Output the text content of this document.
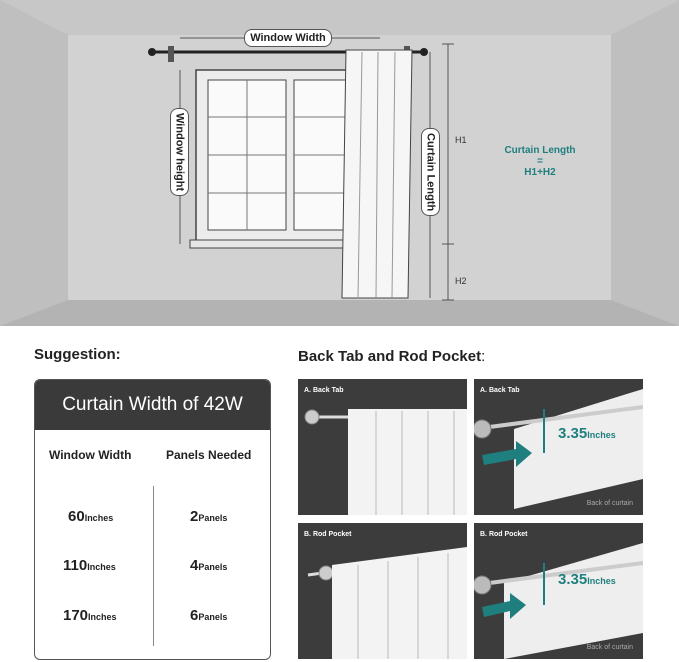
Window Width
Window height	Curtain Length	H1
H2
Curtain Length
=
H1+H2
Suggestion:
Curtain Width of 42W
Window Width	Panels Needed
60Inches	2Panels
110Inches	4Panels
170Inches	6Panels
Back Tab and Rod Pocket:
A. Back Tab	A. Back Tab
3.35Inches
Back of curtain
B. Rod Pocket	B. Rod Pocket
3.35Inches
Back of curtain
